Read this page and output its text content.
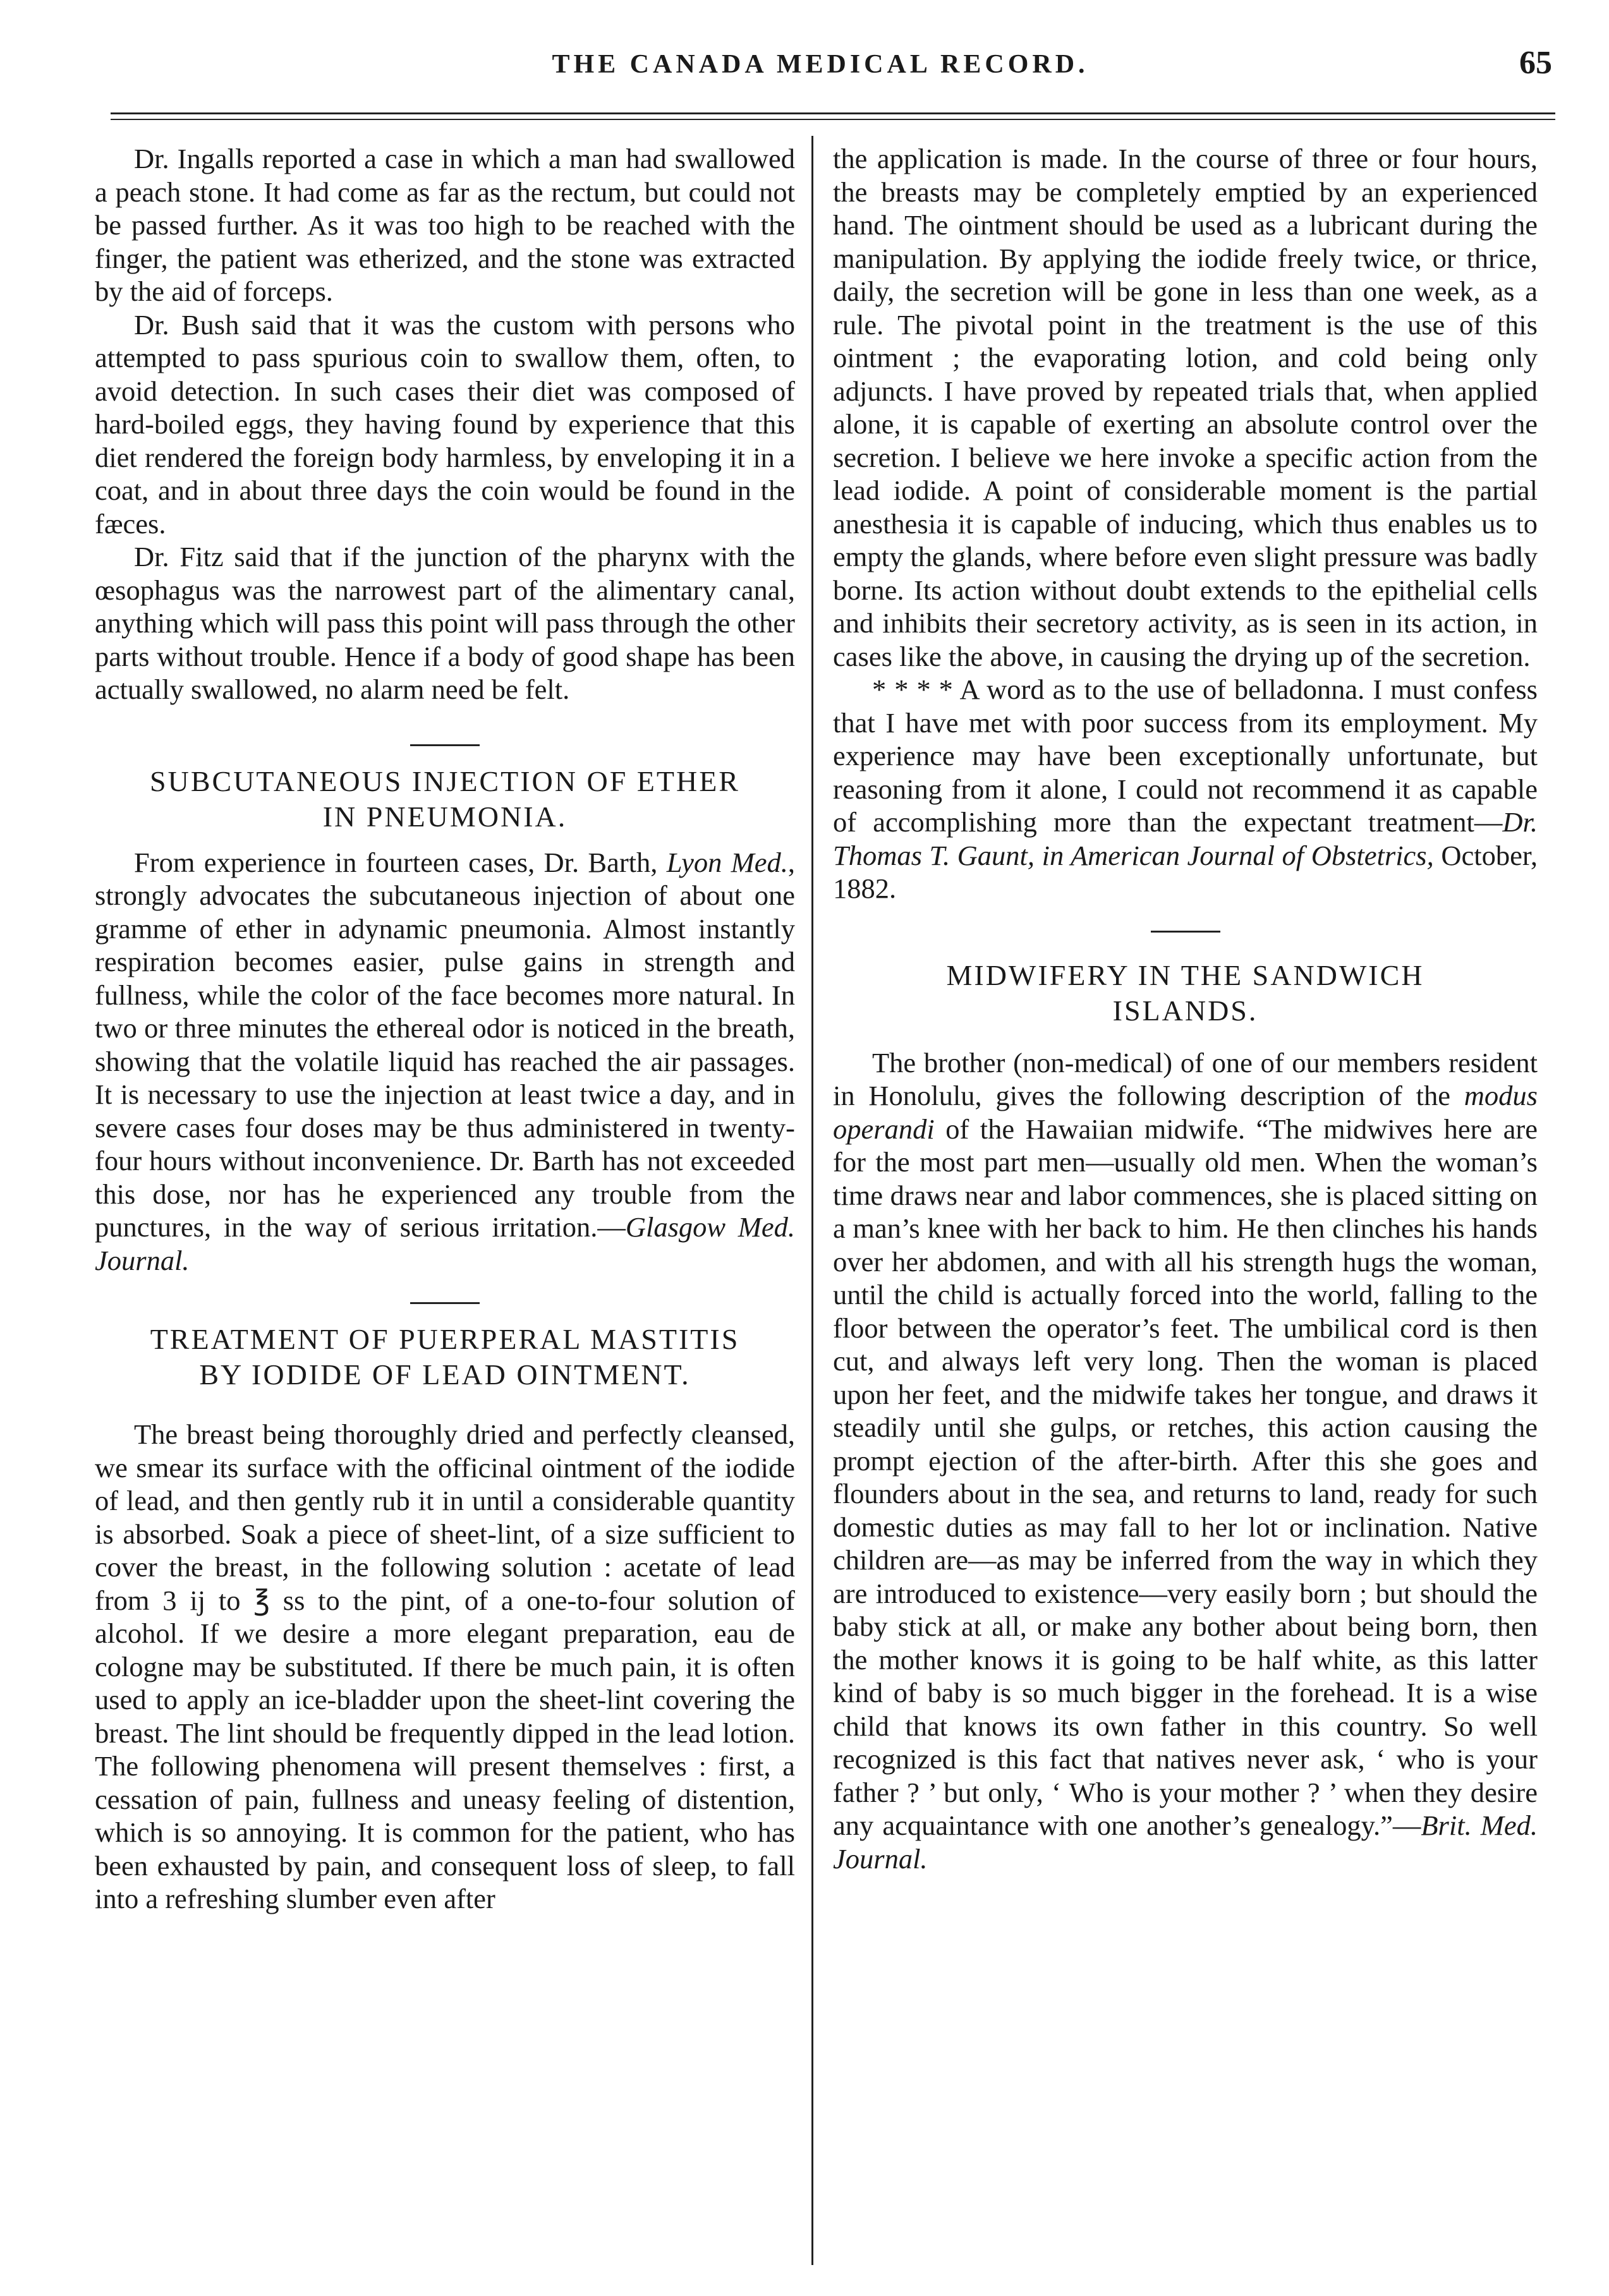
THE CANADA MEDICAL RECORD.	65

Dr. Ingalls reported a case in which a man had swallowed a peach stone. It had come as far as the rectum, but could not be passed further. As it was too high to be reached with the finger, the patient was etherized, and the stone was extracted by the aid of forceps.

Dr. Bush said that it was the custom with persons who attempted to pass spurious coin to swallow them, often, to avoid detection. In such cases their diet was composed of hard-boiled eggs, they having found by experience that this diet rendered the foreign body harmless, by enveloping it in a coat, and in about three days the coin would be found in the fæces.

Dr. Fitz said that if the junction of the pharynx with the œsophagus was the narrowest part of the alimentary canal, anything which will pass this point will pass through the other parts without trouble. Hence if a body of good shape has been actually swallowed, no alarm need be felt.

SUBCUTANEOUS INJECTION OF ETHER
IN PNEUMONIA.

From experience in fourteen cases, Dr. Barth, Lyon Med., strongly advocates the subcutaneous injection of about one gramme of ether in adynamic pneumonia. Almost instantly respiration becomes easier, pulse gains in strength and fullness, while the color of the face becomes more natural. In two or three minutes the ethereal odor is noticed in the breath, showing that the volatile liquid has reached the air passages. It is necessary to use the injection at least twice a day, and in severe cases four doses may be thus administered in twenty-four hours without inconvenience. Dr. Barth has not exceeded this dose, nor has he experienced any trouble from the punctures, in the way of serious irritation.—Glasgow Med. Journal.

TREATMENT OF PUERPERAL MASTITIS
BY IODIDE OF LEAD OINTMENT.

The breast being thoroughly dried and perfectly cleansed, we smear its surface with the officinal ointment of the iodide of lead, and then gently rub it in until a considerable quantity is absorbed. Soak a piece of sheet-lint, of a size sufficient to cover the breast, in the following solution : acetate of lead from 3 ij to ℥ ss to the pint, of a one-to-four solution of alcohol. If we desire a more elegant preparation, eau de cologne may be substituted. If there be much pain, it is often used to apply an ice-bladder upon the sheet-lint covering the breast. The lint should be frequently dipped in the lead lotion. The following phenomena will present themselves : first, a cessation of pain, fullness and uneasy feeling of distention, which is so annoying. It is common for the patient, who has been exhausted by pain, and consequent loss of sleep, to fall into a refreshing slumber even after

the application is made. In the course of three or four hours, the breasts may be completely emptied by an experienced hand. The ointment should be used as a lubricant during the manipulation. By applying the iodide freely twice, or thrice, daily, the secretion will be gone in less than one week, as a rule. The pivotal point in the treatment is the use of this ointment ; the evaporating lotion, and cold being only adjuncts. I have proved by repeated trials that, when applied alone, it is capable of exerting an absolute control over the secretion. I believe we here invoke a specific action from the lead iodide. A point of considerable moment is the partial anesthesia it is capable of inducing, which thus enables us to empty the glands, where before even slight pressure was badly borne. Its action without doubt extends to the epithelial cells and inhibits their secretory activity, as is seen in its action, in cases like the above, in causing the drying up of the secretion.

* * * * A word as to the use of belladonna. I must confess that I have met with poor success from its employment. My experience may have been exceptionally unfortunate, but reasoning from it alone, I could not recommend it as capable of accomplishing more than the expectant treatment—Dr. Thomas T. Gaunt, in American Journal of Obstetrics, October, 1882.

MIDWIFERY IN THE SANDWICH
ISLANDS.

The brother (non-medical) of one of our members resident in Honolulu, gives the following description of the modus operandi of the Hawaiian midwife. “The midwives here are for the most part men—usually old men. When the woman’s time draws near and labor commences, she is placed sitting on a man’s knee with her back to him. He then clinches his hands over her abdomen, and with all his strength hugs the woman, until the child is actually forced into the world, falling to the floor between the operator’s feet. The umbilical cord is then cut, and always left very long. Then the woman is placed upon her feet, and the midwife takes her tongue, and draws it steadily until she gulps, or retches, this action causing the prompt ejection of the after-birth. After this she goes and flounders about in the sea, and returns to land, ready for such domestic duties as may fall to her lot or inclination. Native children are—as may be inferred from the way in which they are introduced to existence—very easily born ; but should the baby stick at all, or make any bother about being born, then the mother knows it is going to be half white, as this latter kind of baby is so much bigger in the forehead. It is a wise child that knows its own father in this country. So well recognized is this fact that natives never ask, ‘ who is your father ? ’ but only, ‘ Who is your mother ? ’ when they desire any acquaintance with one another’s genealogy.”—Brit. Med. Journal.
